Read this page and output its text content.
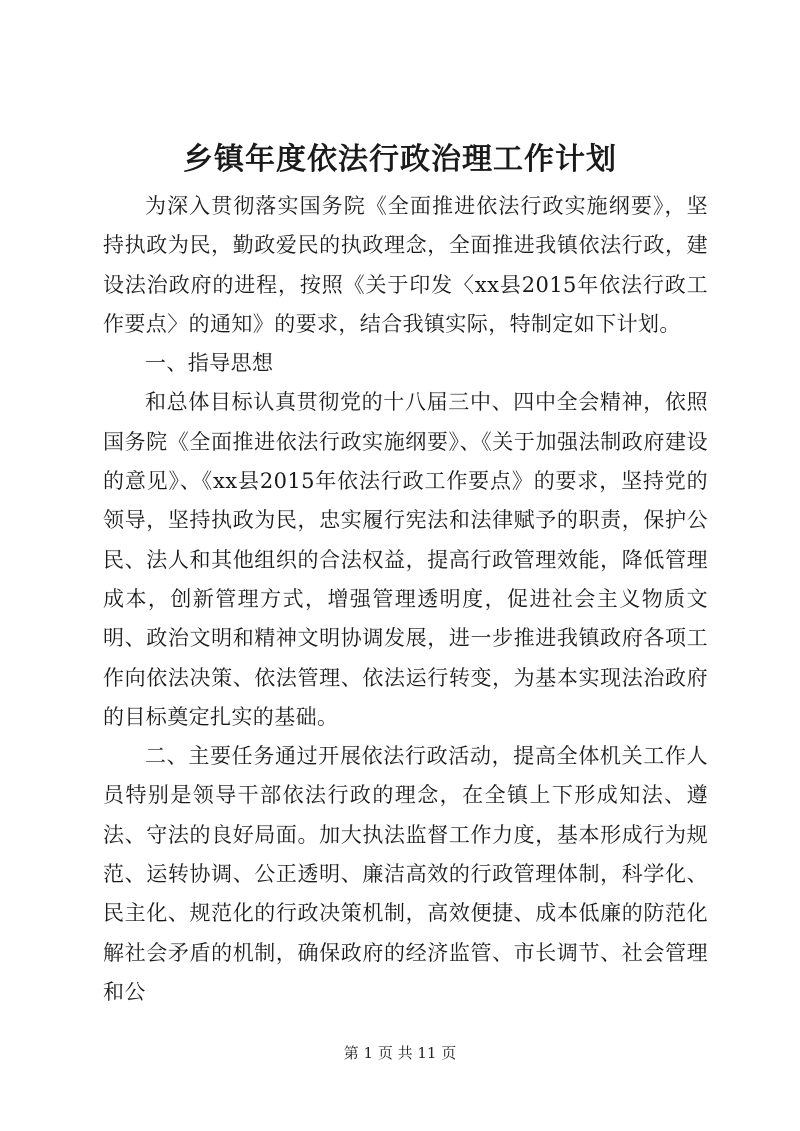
乡镇年度依法行政治理工作计划

为深入贯彻落实国务院《全面推进依法行政实施纲要》，坚持执政为民，勤政爱民的执政理念，全面推进我镇依法行政，建设法治政府的进程，按照《关于印发〈xx县2015年依法行政工作要点〉的通知》的要求，结合我镇实际，特制定如下计划。

一、指导思想

和总体目标认真贯彻党的十八届三中、四中全会精神，依照国务院《全面推进依法行政实施纲要》、《关于加强法制政府建设的意见》、《xx县2015年依法行政工作要点》的要求，坚持党的领导，坚持执政为民，忠实履行宪法和法律赋予的职责，保护公民、法人和其他组织的合法权益，提高行政管理效能，降低管理成本，创新管理方式，增强管理透明度，促进社会主义物质文明、政治文明和精神文明协调发展，进一步推进我镇政府各项工作向依法决策、依法管理、依法运行转变，为基本实现法治政府的目标奠定扎实的基础。

二、主要任务通过开展依法行政活动，提高全体机关工作人员特别是领导干部依法行政的理念，在全镇上下形成知法、遵法、守法的良好局面。加大执法监督工作力度，基本形成行为规范、运转协调、公正透明、廉洁高效的行政管理体制，科学化、民主化、规范化的行政决策机制，高效便捷、成本低廉的防范化解社会矛盾的机制，确保政府的经济监管、市长调节、社会管理和公

第 1 页 共 11 页
